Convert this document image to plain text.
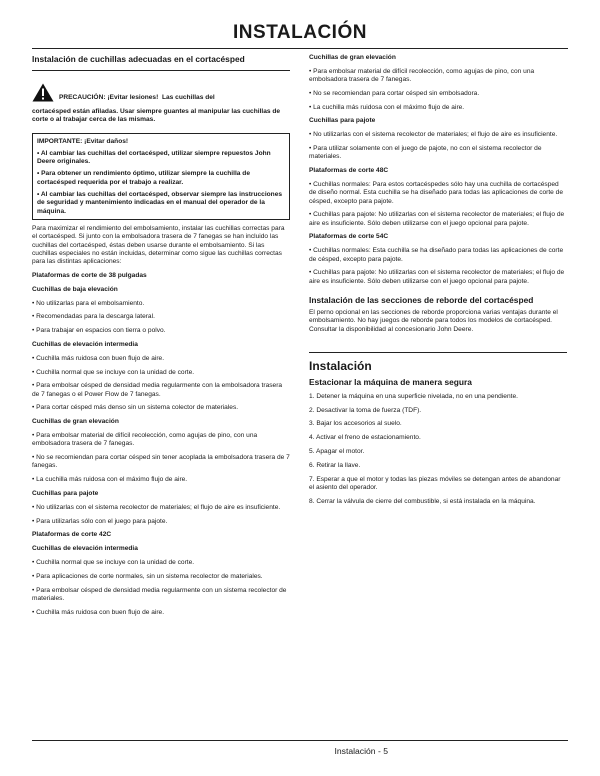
INSTALACIÓN
Instalación de cuchillas adecuadas en el cortacésped
PRECAUCIÓN: ¡Evitar lesiones!
Las cuchillas del
cortacésped están afiladas. Usar siempre guantes al manipular las cuchillas de corte o al trabajar cerca de las mismas.
IMPORTANTE: ¡Evitar daños!
• Al cambiar las cuchillas del cortacésped, utilizar siempre repuestos John Deere originales.
• Para obtener un rendimiento óptimo, utilizar siempre la cuchilla de cortacésped requerida por el trabajo a realizar.
• Al cambiar las cuchillas del cortacésped, observar siempre las instrucciones de seguridad y mantenimiento indicadas en el manual del operador de la máquina.
Para maximizar el rendimiento del embolsamiento, instalar las cuchillas correctas para el cortacésped. Si junto con la embolsadora trasera de 7 fanegas se han incluido las cuchillas del cortacésped, éstas deben usarse durante el embolsamiento. Si las cuchillas especiales no están incluidas, determinar como sigue las cuchillas correctas para las distintas aplicaciones:
Plataformas de corte de 38 pulgadas
Cuchillas de baja elevación
• No utilizarlas para el embolsamiento.
• Recomendadas para la descarga lateral.
• Para trabajar en espacios con tierra o polvo.
Cuchillas de elevación intermedia
• Cuchilla más ruidosa con buen flujo de aire.
• Cuchilla normal que se incluye con la unidad de corte.
• Para embolsar césped de densidad media regularmente con la embolsadora trasera de 7 fanegas o el Power Flow de 7 fanegas.
• Para cortar césped más denso sin un sistema colector de materiales.
Cuchillas de gran elevación
• Para embolsar material de difícil recolección, como agujas de pino, con una embolsadora trasera de 7 fanegas.
• No se recomiendan para cortar césped sin tener acoplada la embolsadora trasera de 7 fanegas.
• La cuchilla más ruidosa con el máximo flujo de aire.
Cuchillas para pajote
• No utilizarlas con el sistema recolector de materiales; el flujo de aire es insuficiente.
• Para utilizarlas sólo con el juego para pajote.
Plataformas de corte 42C
Cuchillas de elevación intermedia
• Cuchilla normal que se incluye con la unidad de corte.
• Para aplicaciones de corte normales, sin un sistema recolector de materiales.
• Para embolsar césped de densidad media regularmente con un sistema recolector de materiales.
• Cuchilla más ruidosa con buen flujo de aire.
Cuchillas de gran elevación
• Para embolsar material de difícil recolección, como agujas de pino, con una embolsadora trasera de 7 fanegas.
• No se recomiendan para cortar césped sin embolsadora.
• La cuchilla más ruidosa con el máximo flujo de aire.
Cuchillas para pajote
• No utilizarlas con el sistema recolector de materiales; el flujo de aire es insuficiente.
• Para utilizar solamente con el juego de pajote, no con el sistema recolector de materiales.
Plataformas de corte 48C
• Cuchillas normales: Para estos cortacéspedes sólo hay una cuchilla de cortacésped de diseño normal. Esta cuchilla se ha diseñado para todas las aplicaciones de corte de césped, excepto para pajote.
• Cuchillas para pajote: No utilizarlas con el sistema recolector de materiales; el flujo de aire es insuficiente. Sólo deben utilizarse con el juego opcional para pajote.
Plataformas de corte 54C
• Cuchillas normales: Esta cuchilla se ha diseñado para todas las aplicaciones de corte de césped, excepto para pajote.
• Cuchillas para pajote: No utilizarlas con el sistema recolector de materiales; el flujo de aire es insuficiente. Sólo deben utilizarse con el juego opcional para pajote.
Instalación de las secciones de reborde del cortacésped
El perno opcional en las secciones de reborde proporciona varias ventajas durante el embolsamiento. No hay juegos de reborde para todos los modelos de cortacésped. Consultar la disponibilidad al concesionario John Deere.
Instalación
Estacionar la máquina de manera segura
1. Detener la máquina en una superficie nivelada, no en una pendiente.
2. Desactivar la toma de fuerza (TDF).
3. Bajar los accesorios al suelo.
4. Activar el freno de estacionamiento.
5. Apagar el motor.
6. Retirar la llave.
7. Esperar a que el motor y todas las piezas móviles se detengan antes de abandonar el asiento del operador.
8. Cerrar la válvula de cierre del combustible, si está instalada en la máquina.
Instalación - 5
